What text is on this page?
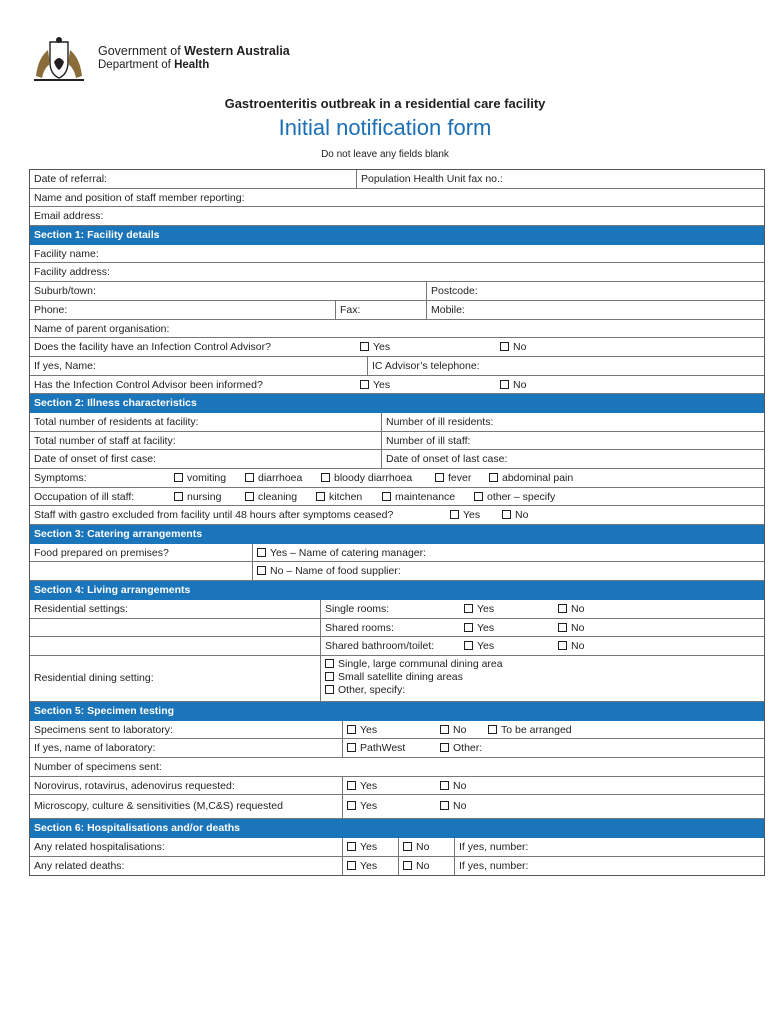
Government of Western Australia
Department of Health
Gastroenteritis outbreak in a residential care facility
Initial notification form
Do not leave any fields blank
Date of referral:	Population Health Unit fax no.:
Name and position of staff member reporting:
Email address:
Section 1: Facility details
Facility name:
Facility address:
Suburb/town:	Postcode:
Phone:	Fax:	Mobile:
Name of parent organisation:
Does the facility have an Infection Control Advisor?	Yes	No
If yes, Name:	IC Advisor’s telephone:
Has the Infection Control Advisor been informed?	Yes	No
Section 2: Illness characteristics
Total number of residents at facility:	Number of ill residents:
Total number of staff at facility:	Number of ill staff:
Date of onset of first case:	Date of onset of last case:
Symptoms:	vomiting	diarrhoea	bloody diarrhoea	fever	abdominal pain
Occupation of ill staff:	nursing	cleaning	kitchen	maintenance	other – specify
Staff with gastro excluded from facility until 48 hours after symptoms ceased?	Yes	No
Section 3: Catering arrangements
Food prepared on premises?	Yes – Name of catering manager:
No – Name of food supplier:
Section 4: Living arrangements
Residential settings:	Single rooms:	Yes	No
Shared rooms:	Yes	No
Shared bathroom/toilet:	Yes	No
Residential dining setting:
Single, large communal dining area
Small satellite dining areas
Other, specify:
Section 5: Specimen testing
Specimens sent to laboratory:	Yes	No	To be arranged
If yes, name of laboratory:	PathWest	Other:
Number of specimens sent:
Norovirus, rotavirus, adenovirus requested:	Yes	No
Microscopy, culture & sensitivities (M,C&S) requested	Yes	No
Section 6: Hospitalisations and/or deaths
Any related hospitalisations:	Yes	No	If yes, number:
Any related deaths:	Yes	No	If yes, number:
